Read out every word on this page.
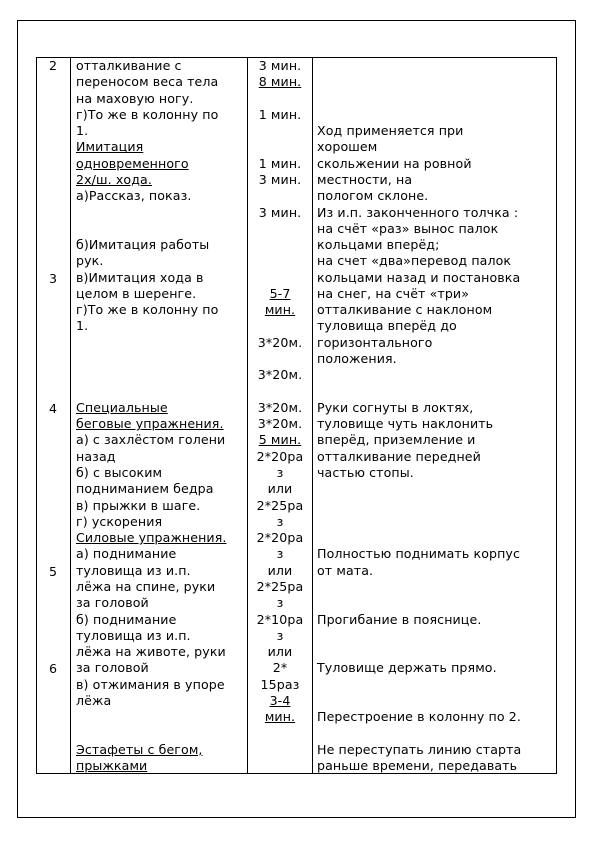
2
3
4
5
6
отталкивание с
переносом веса тела
на маховую ногу.
г)То же в колонну по
1.
Имитация
одновременного
2х/ш. хода.
а)Рассказ, показ.
б)Имитация работы
рук.
в)Имитация хода в
целом в шеренге.
г)То же в колонну по
1.
Специальные
беговые упражнения.
а) с захлёстом голени
назад
б) с высоким
подниманием бедра
в) прыжки в шаге.
г) ускорения
Силовые упражнения.
а) поднимание
туловища из и.п.
лёжа на спине, руки
за головой
б) поднимание
туловища из и.п.
лёжа на животе, руки
за головой
в) отжимания в упоре
лёжа
Эстафеты с бегом,
прыжками
3 мин.
8 мин.
1 мин.
1 мин.
3 мин.
3 мин.
5-7
мин.
3*20м.
3*20м.
3*20м.
3*20м.
5 мин.
2*20ра
з
или
2*25ра
з
2*20ра
з
или
2*25ра
з
2*10ра
з
или
2*
15раз
3-4
мин.
Ход применяется при
хорошем
скольжении на ровной
местности, на
пологом склоне.
Из и.п. законченного толчка :
на счёт «раз» вынос палок
кольцами вперёд;
на счет «два»перевод палок
кольцами назад и постановка
на снег, на счёт «три»
отталкивание с наклоном
туловища вперёд до
горизонтального
положения.
Руки согнуты в локтях,
туловище чуть наклонить
вперёд, приземление и
отталкивание передней
частью стопы.
Полностью поднимать корпус
от мата.
Прогибание в пояснице.
Туловище держать прямо.
Перестроение в колонну по 2.
Не переступать линию старта
раньше времени, передавать
